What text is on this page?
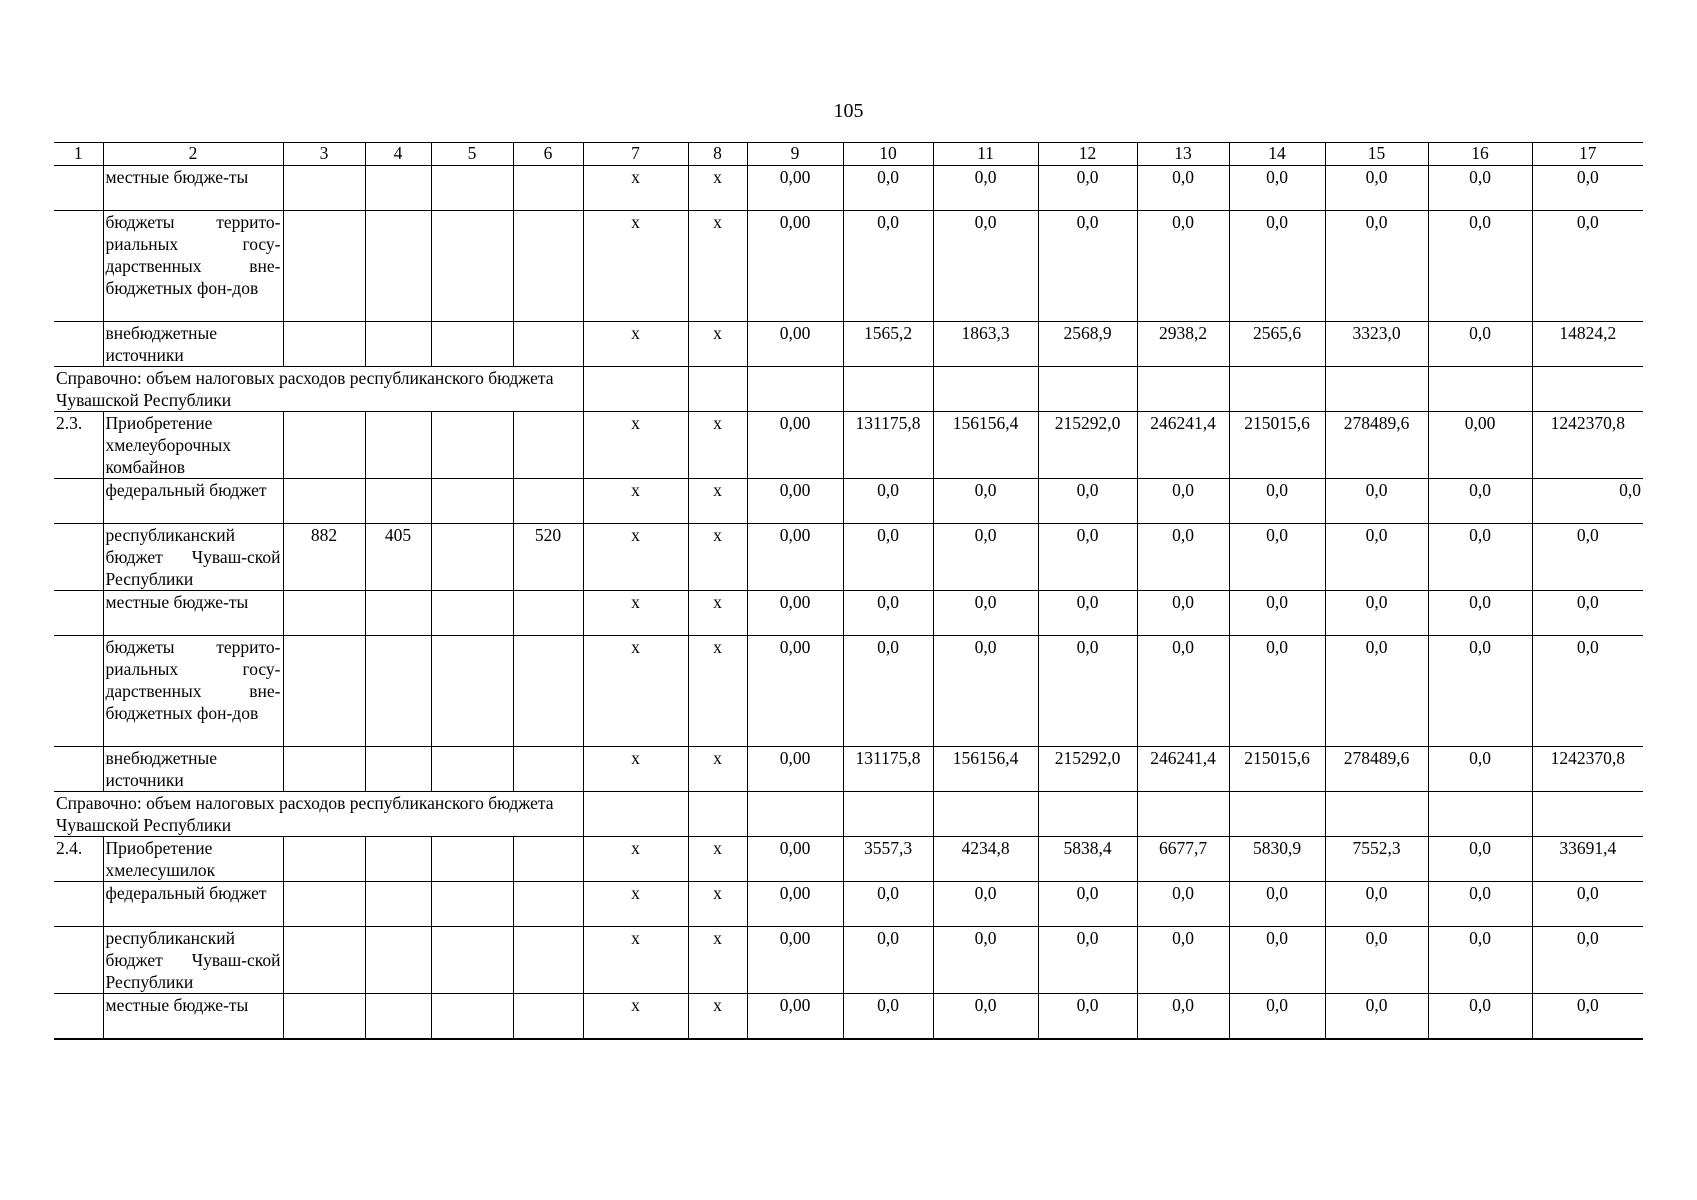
105
1	2	3	4	5	6	7	8	9	10	11	12	13	14	15	16	17
	местные бюдже-ты					х	х	0,00	0,0	0,0	0,0	0,0	0,0	0,0	0,0	0,0
	бюджеты террито-риальных госу-дарственных вне-бюджетных фон-дов					х	х	0,00	0,0	0,0	0,0	0,0	0,0	0,0	0,0	0,0
	внебюджетные источники					х	х	0,00	1565,2	1863,3	2568,9	2938,2	2565,6	3323,0	0,0	14824,2
Справочно: объем налоговых расходов республиканского бюджета Чувашской Республики																
2.3.	Приобретение хмелеуборочных комбайнов					х	х	0,00	131175,8	156156,4	215292,0	246241,4	215015,6	278489,6	0,00	1242370,8
	федеральный бюджет					х	х	0,00	0,0	0,0	0,0	0,0	0,0	0,0	0,0	0,0
	республиканский бюджет Чуваш-ской Республики	882	405		520	х	х	0,00	0,0	0,0	0,0	0,0	0,0	0,0	0,0	0,0
	местные бюдже-ты					х	х	0,00	0,0	0,0	0,0	0,0	0,0	0,0	0,0	0,0
	бюджеты террито-риальных госу-дарственных вне-бюджетных фон-дов					х	х	0,00	0,0	0,0	0,0	0,0	0,0	0,0	0,0	0,0
	внебюджетные источники					х	х	0,00	131175,8	156156,4	215292,0	246241,4	215015,6	278489,6	0,0	1242370,8
Справочно: объем налоговых расходов республиканского бюджета Чувашской Республики																
2.4.	Приобретение хмелесушилок					х	х	0,00	3557,3	4234,8	5838,4	6677,7	5830,9	7552,3	0,0	33691,4
	федеральный бюджет					х	х	0,00	0,0	0,0	0,0	0,0	0,0	0,0	0,0	0,0
	республиканский бюджет Чуваш-ской Республики					х	х	0,00	0,0	0,0	0,0	0,0	0,0	0,0	0,0	0,0
	местные бюдже-ты					х	х	0,00	0,0	0,0	0,0	0,0	0,0	0,0	0,0	0,0
